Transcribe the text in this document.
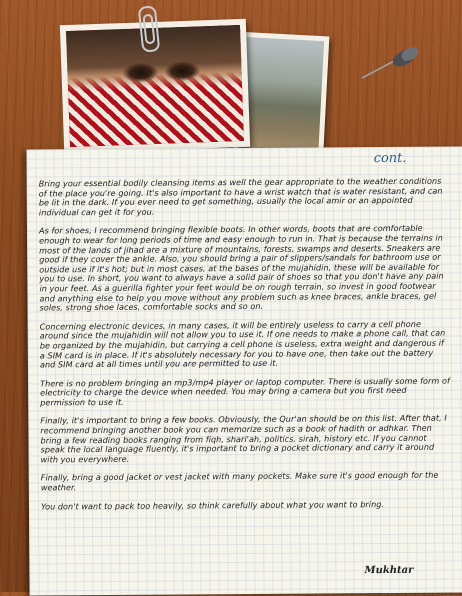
cont.

Bring your essential bodily cleansing items as well the gear appropriate to the weather conditions of the place you're going. It's also important to have a wrist watch that is water resistant, and can be lit in the dark. If you ever need to get something, usually the local amir or an appointed individual can get it for you.

As for shoes, I recommend bringing flexible boots. In other words, boots that are comfortable enough to wear for long periods of time and easy enough to run in. That is because the terrains in most of the lands of jihad are a mixture of mountains, forests, swamps and deserts. Sneakers are good if they cover the ankle. Also, you should bring a pair of slippers/sandals for bathroom use or outside use if it's hot; but in most cases, at the bases of the mujahidin, these will be available for you to use. In short, you want to always have a solid pair of shoes so that you don't have any pain in your feet. As a guerilla fighter your feet would be on rough terrain, so invest in good footwear and anything else to help you move without any problem such as knee braces, ankle braces, gel soles, strong shoe laces, comfortable socks and so on.

Concerning electronic devices, in many cases, it will be entirely useless to carry a cell phone around since the mujahidin will not allow you to use it. If one needs to make a phone call, that can be organized by the mujahidin, but carrying a cell phone is useless, extra weight and dangerous if a SIM card is in place. If it's absolutely necessary for you to have one, then take out the battery and SIM card at all times until you are permitted to use it.

There is no problem bringing an mp3/mp4 player or laptop computer. There is usually some form of electricity to charge the device when needed. You may bring a camera but you first need permission to use it.

Finally, it's important to bring a few books. Obviously, the Qur'an should be on this list. After that, I recommend bringing another book you can memorize such as a book of hadith or adhkar. Then bring a few reading books ranging from fiqh, shari'ah, politics, sirah, history etc. If you cannot speak the local language fluently, it's important to bring a pocket dictionary and carry it around with you everywhere.

Finally, bring a good jacket or vest jacket with many pockets. Make sure it's good enough for the weather.

You don't want to pack too heavily, so think carefully about what you want to bring.

Mukhtar
